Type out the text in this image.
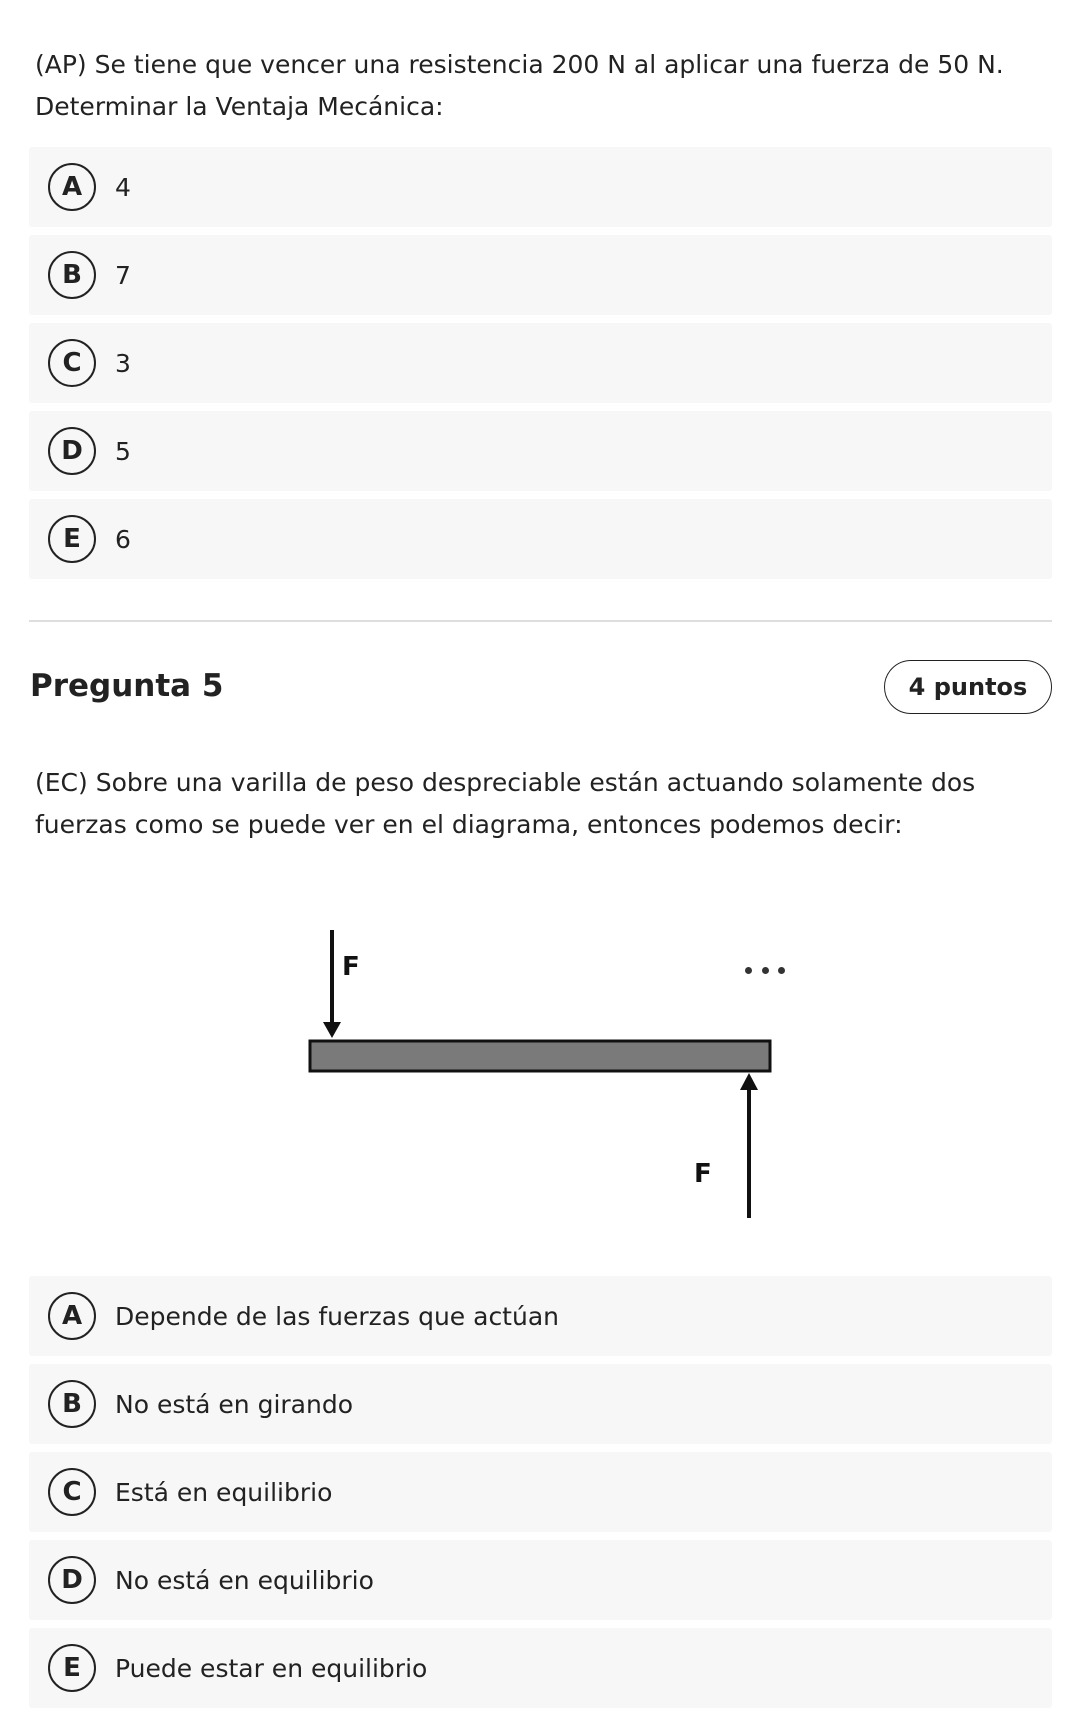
(AP) Se tiene que vencer una resistencia 200 N al aplicar una fuerza de 50 N. Determinar la Ventaja Mecánica:
A	4
B	7
C	3
D	5
E	6
Pregunta 5	4 puntos
(EC) Sobre una varilla de peso despreciable están actuando solamente dos fuerzas como se puede ver en el diagrama, entonces podemos decir:
F
F
A	Depende de las fuerzas que actúan
B	No está en girando
C	Está en equilibrio
D	No está en equilibrio
E	Puede estar en equilibrio
